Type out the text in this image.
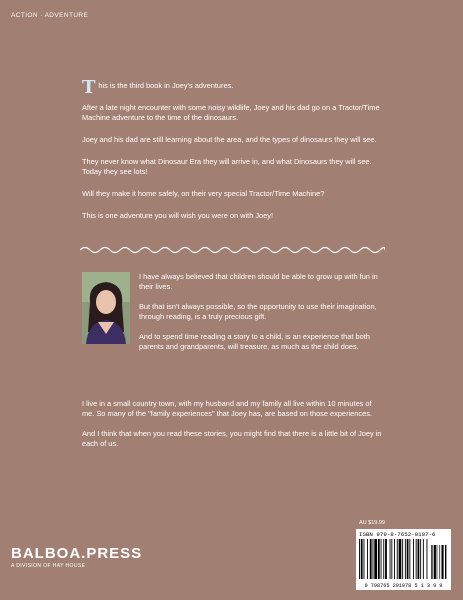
ACTION · ADVENTURE

This is the third book in Joey's adventures.

After a late night encounter with some noisy wildlife, Joey and his dad go on a Tractor/Time Machine adventure to the time of the dinosaurs.

Joey and his dad are still learning about the area, and the types of dinosaurs they will see.

They never know what Dinosaur Era they will arrive in, and what Dinosaurs they will see. Today they see lots!

Will they make it home safely, on their very special Tractor/Time Machine?

This is one adventure you will wish you were on with Joey!

I have always believed that children should be able to grow up with fun in their lives.

But that isn't always possible, so the opportunity to use their imagination, through reading, is a truly precious gift.

And to spend time reading a story to a child, is an experience that both parents and grandparents, will treasure, as much as the child does.

I live in a small country town, with my husband and my family all live within 10 minutes of me. So many of the "family experiences" that Joey has, are based on those experiences.

And I think that when you read these stories, you might find that there is a little bit of Joey in each of us.

BALBOA.PRESS
A DIVISION OF HAY HOUSE
AU $19.99
ISBN 979-8-7652-0197-6
9 798765 201978 5 1 3 9 9
